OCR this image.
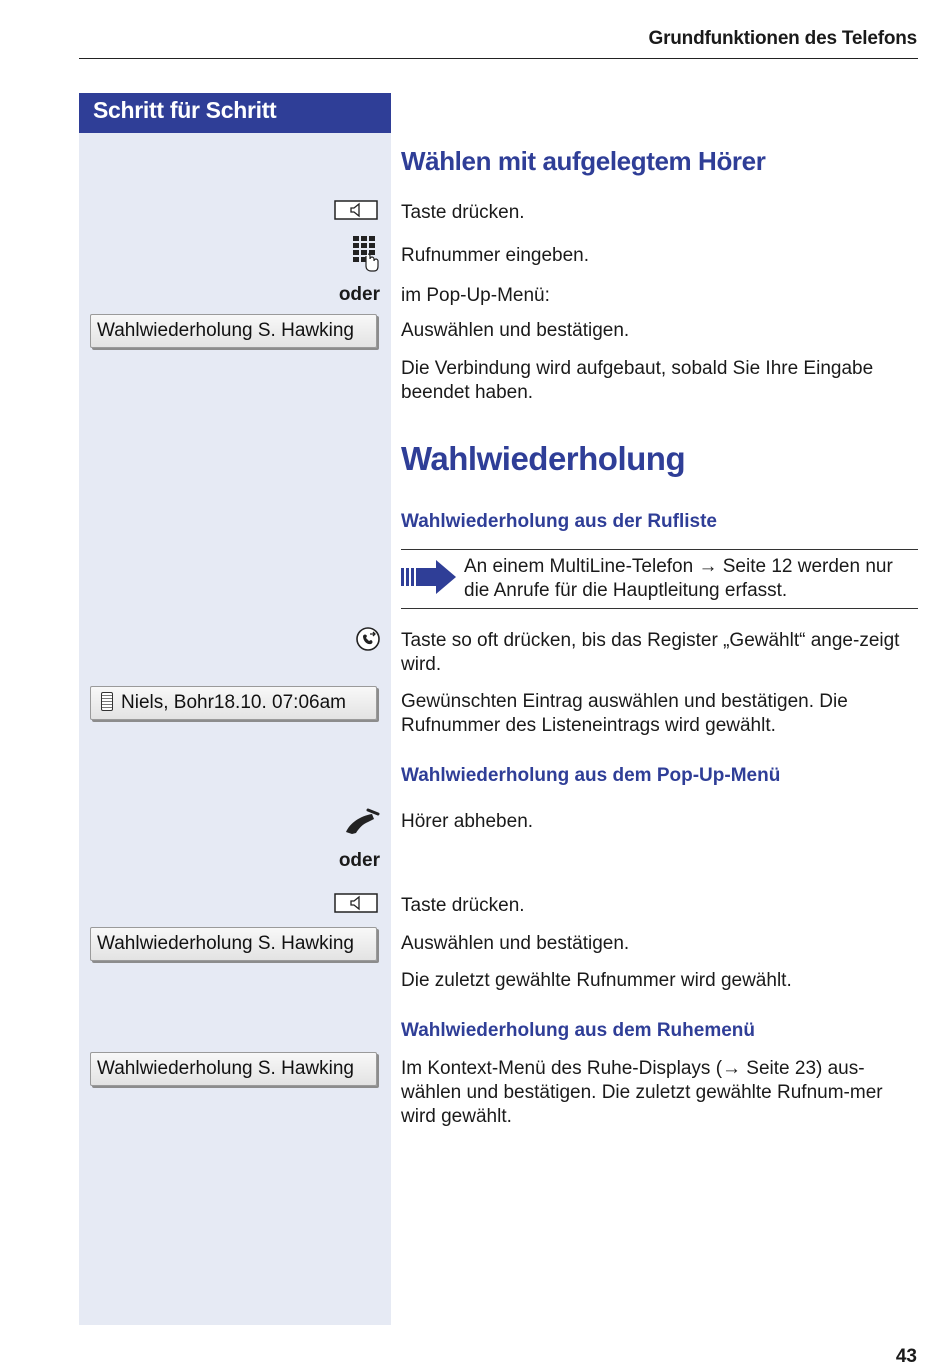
Grundfunktionen des Telefons
Schritt für Schritt
Wählen mit aufgelegtem Hörer
Taste drücken.
Rufnummer eingeben.
oder im Pop-Up-Menü:
Wahlwiederholung S. Hawking	Auswählen und bestätigen.
Die Verbindung wird aufgebaut, sobald Sie Ihre Eingabe beendet haben.
Wahlwiederholung
Wahlwiederholung aus der Rufliste
An einem MultiLine-Telefon → Seite 12 werden nur die Anrufe für die Hauptleitung erfasst.
Taste so oft drücken, bis das Register „Gewählt“ ange-zeigt wird.
Niels, Bohr18.10. 07:06am	Gewünschten Eintrag auswählen und bestätigen. Die Rufnummer des Listeneintrags wird gewählt.
Wahlwiederholung aus dem Pop-Up-Menü
Hörer abheben.
oder
Taste drücken.
Wahlwiederholung S. Hawking	Auswählen und bestätigen.
Die zuletzt gewählte Rufnummer wird gewählt.
Wahlwiederholung aus dem Ruhemenü
Wahlwiederholung S. Hawking	Im Kontext-Menü des Ruhe-Displays (→ Seite 23) aus-wählen und bestätigen. Die zuletzt gewählte Rufnum-mer wird gewählt.
43
